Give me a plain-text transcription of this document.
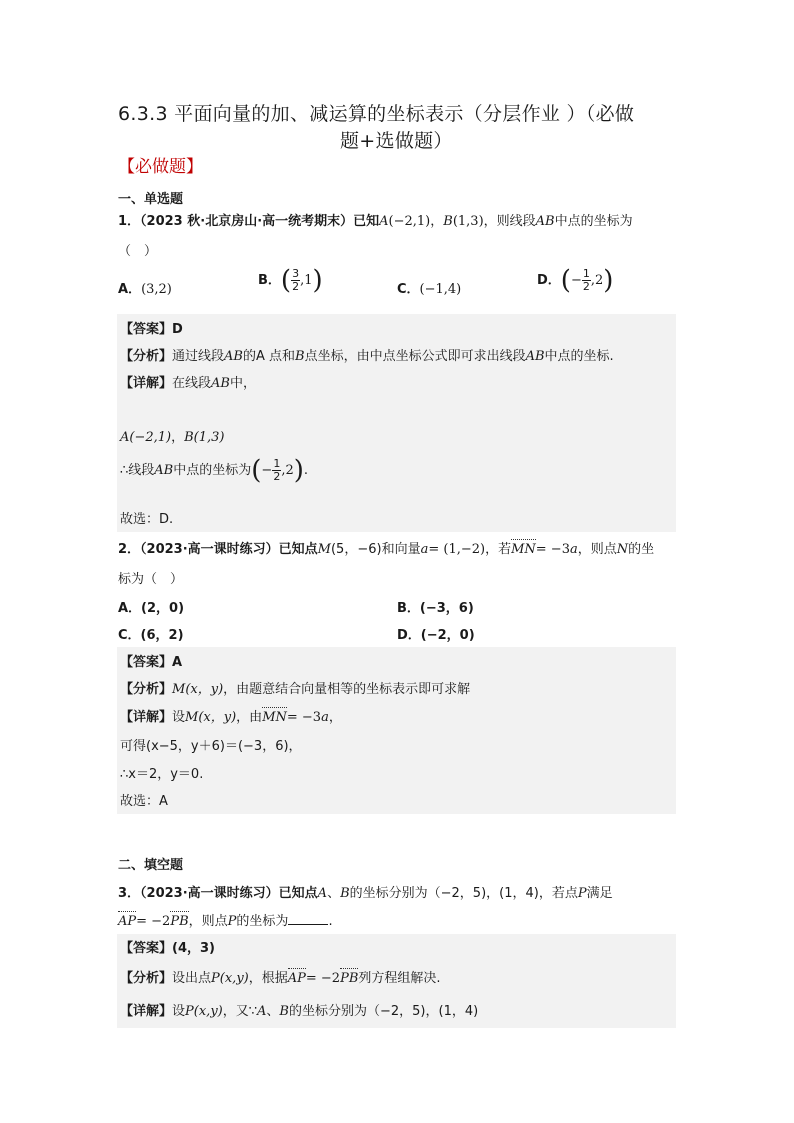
6.3.3 平面向量的加、减运算的坐标表示（分层作业 ）（必做
题+选做题）
【必做题】
一、单选题
1．（2023 秋·北京房山·高一统考期末）已知A(−2,1)，B(1,3)，则线段AB中点的坐标为
（　）
A．(3,2)
B．( $\frac{3}{2} ,1$)	C．(−1,4)
D．(− $\frac{1}{2} ,2$)
【答案】D
【分析】通过线段AB的A 点和B点坐标，由中点坐标公式即可求出线段AB中点的坐标.
【详解】在线段AB中，
A(−2,1)，B(1,3)
∴线段AB中点的坐标为(− $\frac{1}{2} ,2$).
故选：D.
2．（2023·高一课时练习）已知点M(5，−6)和向量a= (1,−2)，若MN= −3a，则点N的坐
标为（　）
A．(2，0)	B．(−3，6)
C．(6，2)	D．(−2，0)
【答案】A
【分析】M(x，y)，由题意结合向量相等的坐标表示即可求解
【详解】设M(x，y)，由MN= −3a，
可得(x−5，y＋6)＝(−3，6)，
∴x＝2，y＝0.
故选：A
二、填空题
3．（2023·高一课时练习）已知点A、B的坐标分别为（−2，5)，(1，4)，若点P满足
AP= −2PB，则点P的坐标为	.
【答案】(4，3)
【分析】设出点P(x,y)，根据AP= −2PB列方程组解决.
【详解】设P(x,y)，又∵A、B的坐标分别为（−2，5)，(1，4)
